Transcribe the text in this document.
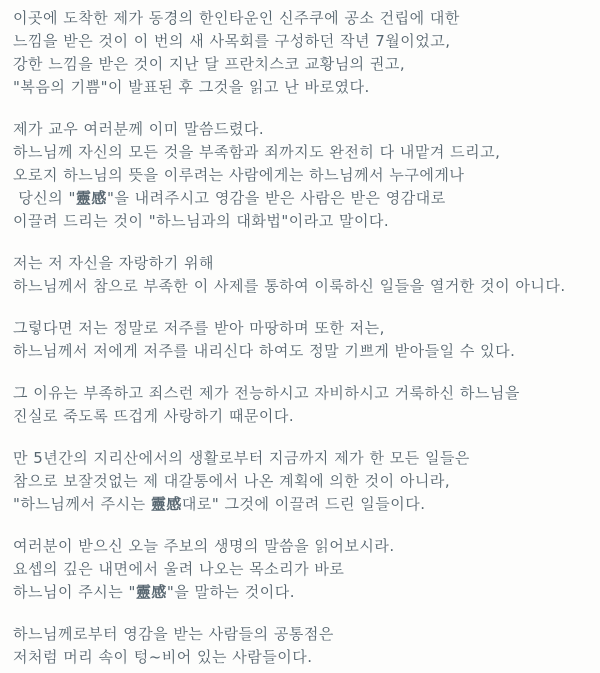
이곳에 도착한 제가 동경의 한인타운인 신주쿠에 공소 건립에 대한
느낌을 받은 것이 이 번의 새 사목회를 구성하던 작년 7월이었고,
강한 느낌을 받은 것이 지난 달 프란치스코 교황님의 권고,
"복음의 기쁨"이 발표된 후 그것을 읽고 난 바로였다.
제가 교우 여러분께 이미 말씀드렸다.
하느님께 자신의 모든 것을 부족함과 죄까지도 완전히 다 내맡겨 드리고,
오로지 하느님의 뜻을 이루려는 사람에게는 하느님께서 누구에게나
당신의 "靈感"을 내려주시고 영감을 받은 사람은 받은 영감대로
이끌려 드리는 것이 "하느님과의 대화법"이라고 말이다.
저는 저 자신을 자랑하기 위해
하느님께서 참으로 부족한 이 사제를 통하여 이룩하신 일들을 열거한 것이 아니다.
그렇다면 저는 정말로 저주를 받아 마땅하며 또한 저는,
하느님께서 저에게 저주를 내리신다 하여도 정말 기쁘게 받아들일 수 있다.
그 이유는 부족하고 죄스런 제가 전능하시고 자비하시고 거룩하신 하느님을
진실로 죽도록 뜨겁게 사랑하기 때문이다.
만 5년간의 지리산에서의 생활로부터 지금까지 제가 한 모든 일들은
참으로 보잘것없는 제 대갈통에서 나온 계획에 의한 것이 아니라,
"하느님께서 주시는 靈感대로" 그것에 이끌려 드린 일들이다.
여러분이 받으신 오늘 주보의 생명의 말씀을 읽어보시라.
요셉의 깊은 내면에서 울려 나오는 목소리가 바로
하느님이 주시는 "靈感"을 말하는 것이다.
하느님께로부터 영감을 받는 사람들의 공통점은
저처럼 머리 속이 텅~비어 있는 사람들이다.
